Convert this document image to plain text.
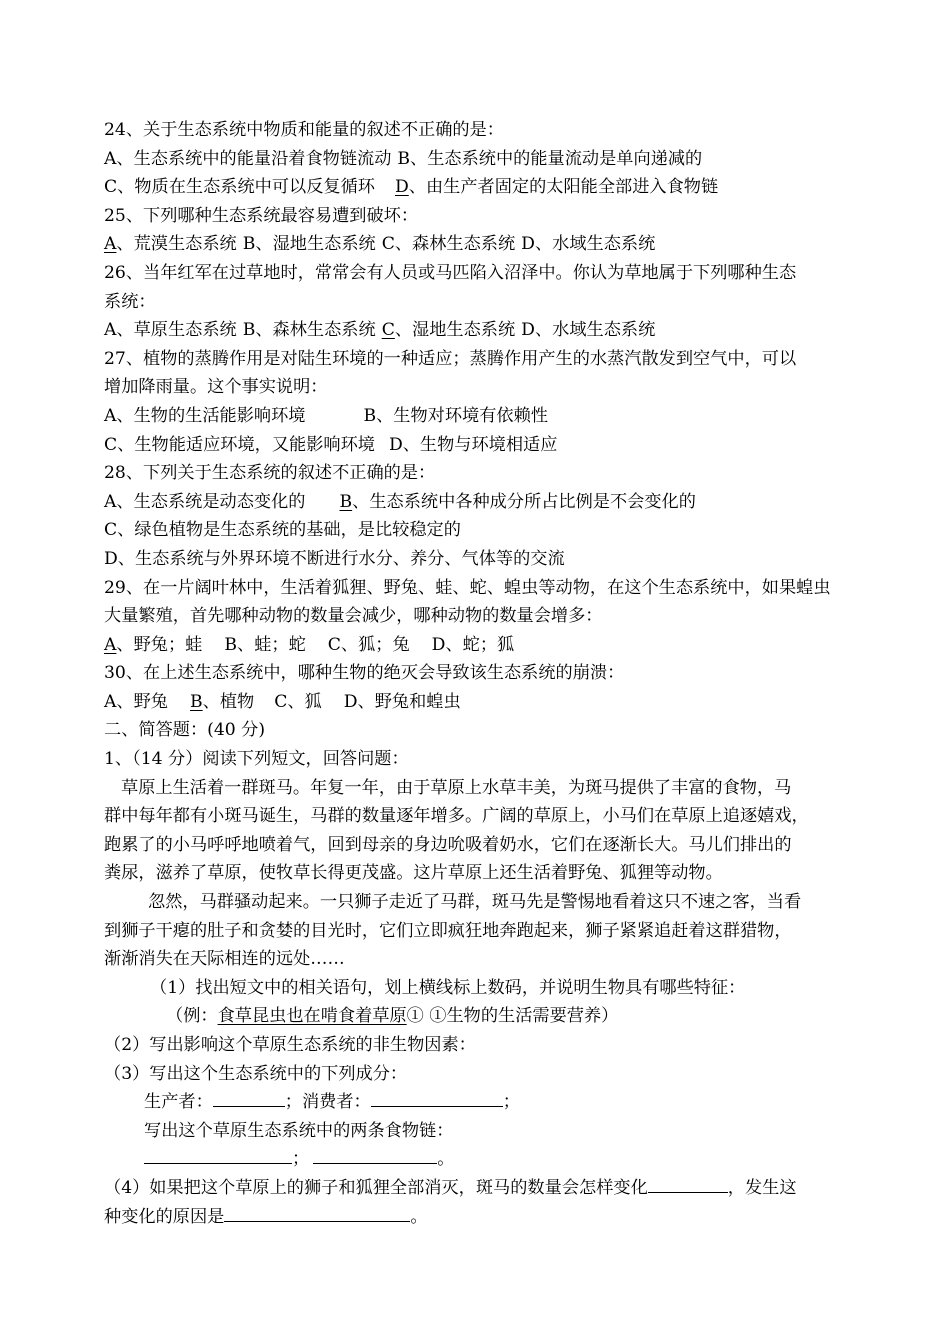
24、关于生态系统中物质和能量的叙述不正确的是：
A、生态系统中的能量沿着食物链流动 B、生态系统中的能量流动是单向递减的
C、物质在生态系统中可以反复循环 D、由生产者固定的太阳能全部进入食物链
25、下列哪种生态系统最容易遭到破坏：
A、荒漠生态系统 B、湿地生态系统 C、森林生态系统 D、水域生态系统
26、当年红军在过草地时，常常会有人员或马匹陷入沼泽中。你认为草地属于下列哪种生态
系统：
A、草原生态系统 B、森林生态系统 C、湿地生态系统 D、水域生态系统
27、植物的蒸腾作用是对陆生环境的一种适应；蒸腾作用产生的水蒸汽散发到空气中，可以
增加降雨量。这个事实说明：
A、生物的生活能影响环境	B、生物对环境有依赖性
C、生物能适应环境，又能影响环境 D、生物与环境相适应
28、下列关于生态系统的叙述不正确的是：
A、生态系统是动态变化的 B、生态系统中各种成分所占比例是不会变化的
C、绿色植物是生态系统的基础，是比较稳定的
D、生态系统与外界环境不断进行水分、养分、气体等的交流
29、在一片阔叶林中，生活着狐狸、野兔、蛙、蛇、蝗虫等动物，在这个生态系统中，如果蝗虫
大量繁殖，首先哪种动物的数量会减少，哪种动物的数量会增多：
A、野兔；蛙 B、蛙；蛇 C、狐；兔 D、蛇；狐
30、在上述生态系统中，哪种生物的绝灭会导致该生态系统的崩溃：
A、野兔 B、植物 C、狐 D、野兔和蝗虫
二、简答题：(40 分)
1、（14 分）阅读下列短文，回答问题：
草原上生活着一群斑马。年复一年，由于草原上水草丰美，为斑马提供了丰富的食物，马
群中每年都有小斑马诞生，马群的数量逐年增多。广阔的草原上，小马们在草原上追逐嬉戏，
跑累了的小马呼呼地喷着气，回到母亲的身边吮吸着奶水，它们在逐渐长大。马儿们排出的
粪尿，滋养了草原，使牧草长得更茂盛。这片草原上还生活着野兔、狐狸等动物。
忽然，马群骚动起来。一只狮子走近了马群，斑马先是警惕地看着这只不速之客，当看
到狮子干瘪的肚子和贪婪的目光时，它们立即疯狂地奔跑起来，狮子紧紧追赶着这群猎物，
渐渐消失在天际相连的远处……
（1）找出短文中的相关语句，划上横线标上数码，并说明生物具有哪些特征：
（例：食草昆虫也在啃食着草原① ①生物的生活需要营养）
（2）写出影响这个草原生态系统的非生物因素：
（3）写出这个生态系统中的下列成分：
生产者：	；消费者：	；
写出这个草原生态系统中的两条食物链：
；	。
（4）如果把这个草原上的狮子和狐狸全部消灭，斑马的数量会怎样变化	，发生这
种变化的原因是	。
